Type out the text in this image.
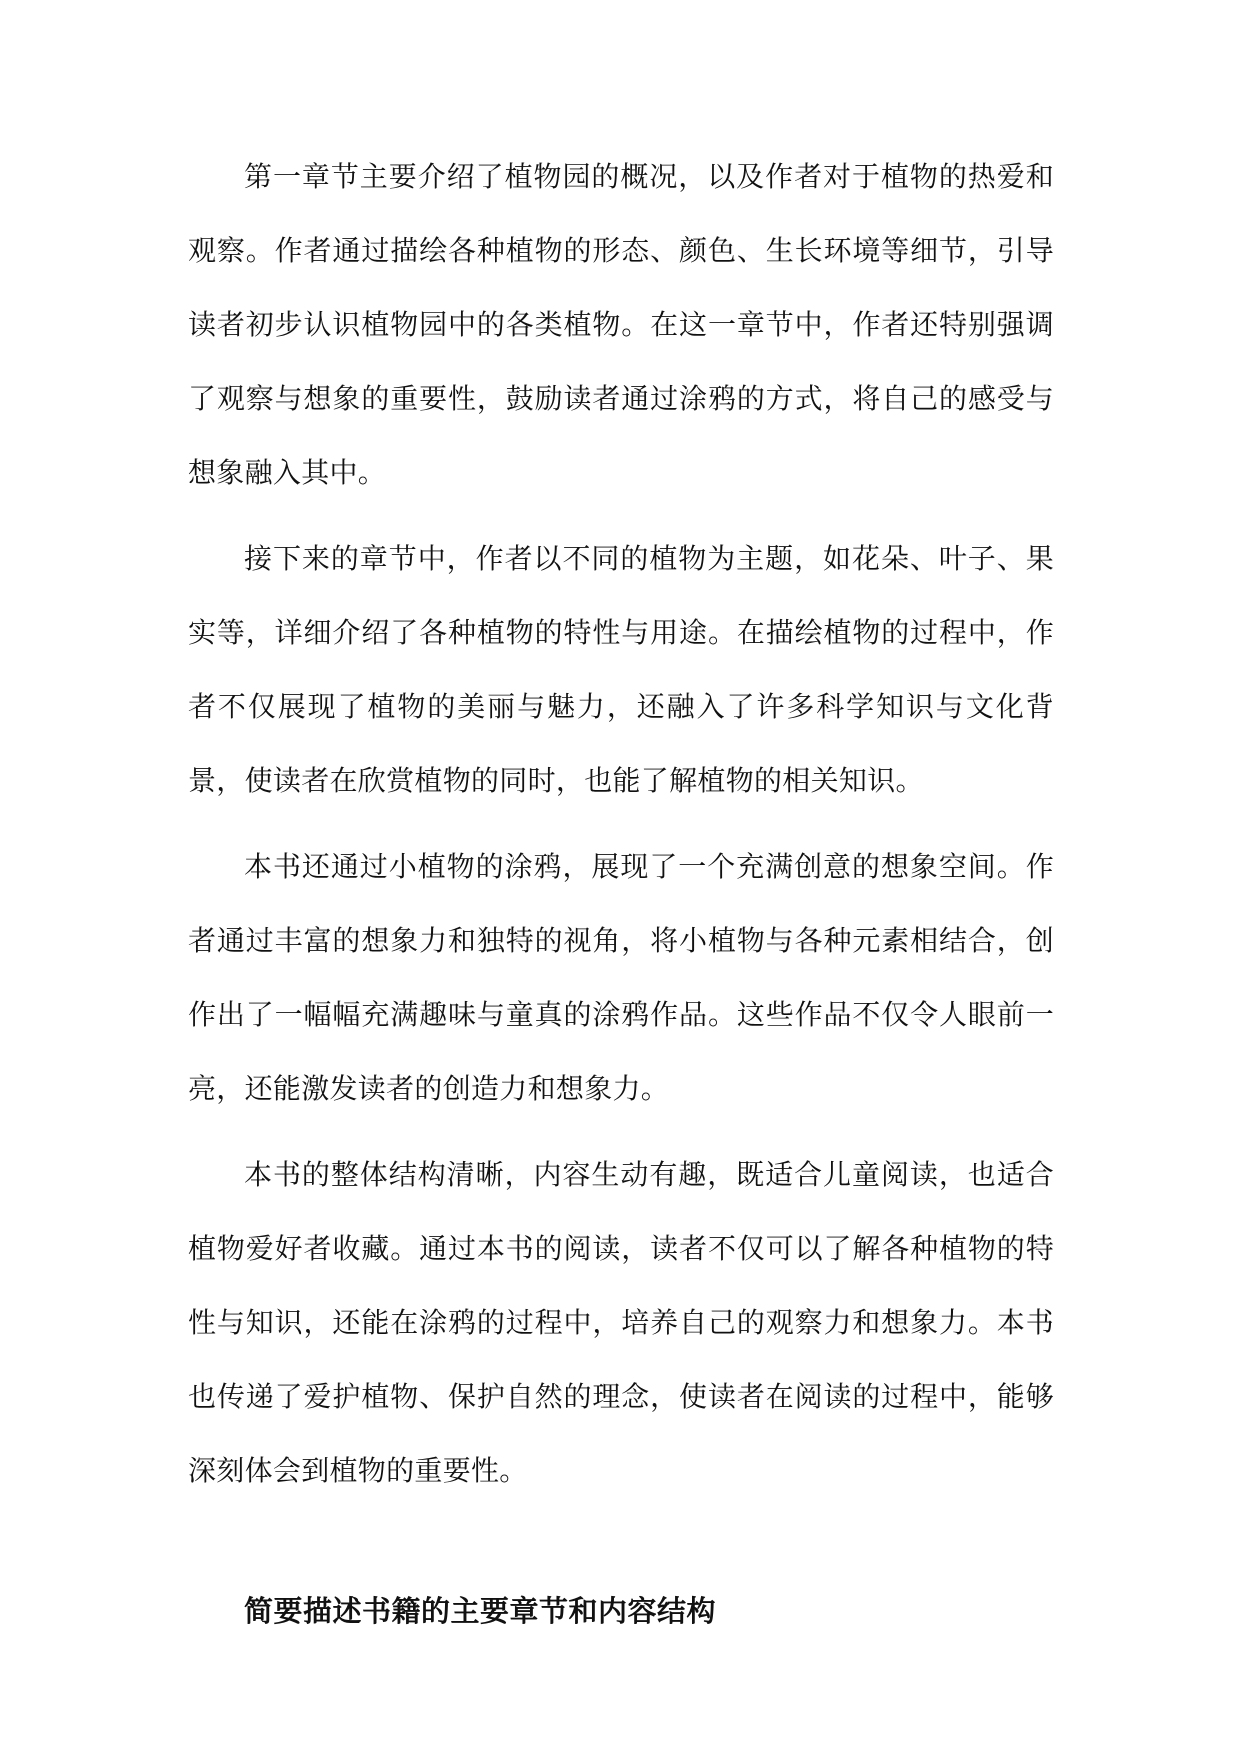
第一章节主要介绍了植物园的概况，以及作者对于植物的热爱和观察。作者通过描绘各种植物的形态、颜色、生长环境等细节，引导读者初步认识植物园中的各类植物。在这一章节中，作者还特别强调了观察与想象的重要性，鼓励读者通过涂鸦的方式，将自己的感受与想象融入其中。

接下来的章节中，作者以不同的植物为主题，如花朵、叶子、果实等，详细介绍了各种植物的特性与用途。在描绘植物的过程中，作者不仅展现了植物的美丽与魅力，还融入了许多科学知识与文化背景，使读者在欣赏植物的同时，也能了解植物的相关知识。

本书还通过小植物的涂鸦，展现了一个充满创意的想象空间。作者通过丰富的想象力和独特的视角，将小植物与各种元素相结合，创作出了一幅幅充满趣味与童真的涂鸦作品。这些作品不仅令人眼前一亮，还能激发读者的创造力和想象力。

本书的整体结构清晰，内容生动有趣，既适合儿童阅读，也适合植物爱好者收藏。通过本书的阅读，读者不仅可以了解各种植物的特性与知识，还能在涂鸦的过程中，培养自己的观察力和想象力。本书也传递了爱护植物、保护自然的理念，使读者在阅读的过程中，能够深刻体会到植物的重要性。

简要描述书籍的主要章节和内容结构
